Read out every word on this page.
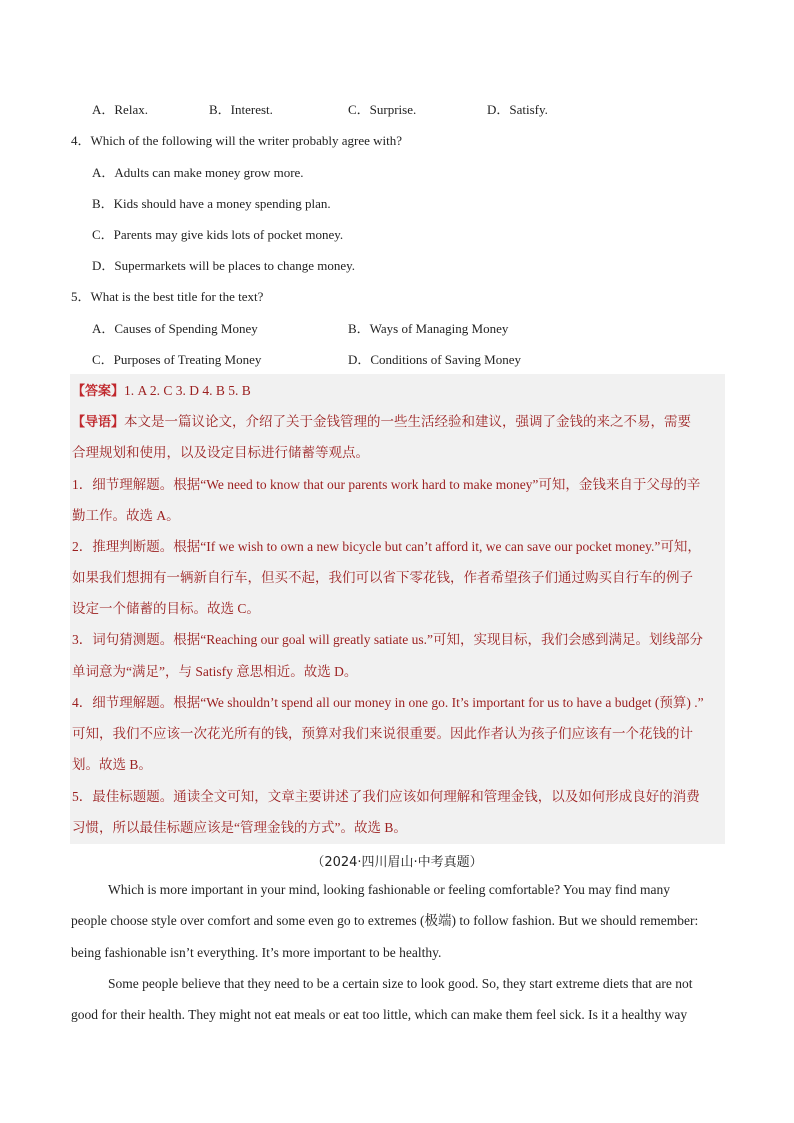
A．Relax.	B．Interest.	C．Surprise.	D．Satisfy.
4．Which of the following will the writer probably agree with?
A．Adults can make money grow more.
B．Kids should have a money spending plan.
C．Parents may give kids lots of pocket money.
D．Supermarkets will be places to change money.
5．What is the best title for the text?
A．Causes of Spending Money	B．Ways of Managing Money
C．Purposes of Treating Money	D．Conditions of Saving Money
【答案】1. A 2. C 3. D 4. B 5. B
【导语】本文是一篇议论文，介绍了关于金钱管理的一些生活经验和建议，强调了金钱的来之不易，需要
合理规划和使用，以及设定目标进行储蓄等观点。
1．细节理解题。根据“We need to know that our parents work hard to make money”可知，金钱来自于父母的辛
勤工作。故选 A。
2．推理判断题。根据“If we wish to own a new bicycle but can’t afford it, we can save our pocket money.”可知，
如果我们想拥有一辆新自行车，但买不起，我们可以省下零花钱，作者希望孩子们通过购买自行车的例子
设定一个储蓄的目标。故选 C。
3．词句猜测题。根据“Reaching our goal will greatly satiate us.”可知，实现目标，我们会感到满足。划线部分
单词意为“满足”，与 Satisfy 意思相近。故选 D。
4．细节理解题。根据“We shouldn’t spend all our money in one go. It’s important for us to have a budget (预算) .”
可知，我们不应该一次花光所有的钱，预算对我们来说很重要。因此作者认为孩子们应该有一个花钱的计
划。故选 B。
5．最佳标题题。通读全文可知，文章主要讲述了我们应该如何理解和管理金钱，以及如何形成良好的消费
习惯，所以最佳标题应该是“管理金钱的方式”。故选 B。
（2024·四川眉山·中考真题）
Which is more important in your mind, looking fashionable or feeling comfortable? You may find many
people choose style over comfort and some even go to extremes (极端) to follow fashion. But we should remember:
being fashionable isn’t everything. It’s more important to be healthy.
Some people believe that they need to be a certain size to look good. So, they start extreme diets that are not
good for their health. They might not eat meals or eat too little, which can make them feel sick. Is it a healthy way
